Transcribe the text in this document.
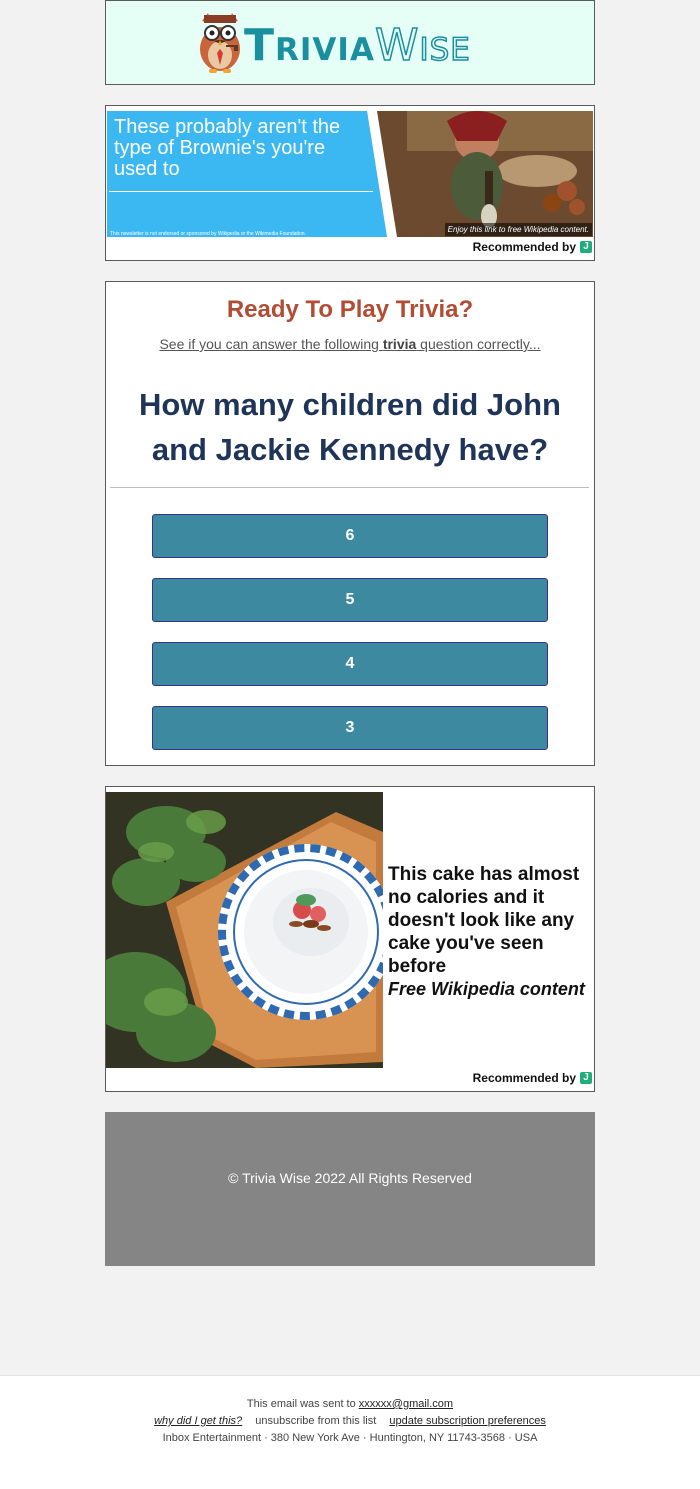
TriviaWise
These probably aren't the type of Brownie's you're used to
This newsletter is not endorsed or sponsored by Wikipedia or the Wikimedia Foundation.	Enjoy this link to free Wikipedia content.
Recommended by J
Ready To Play Trivia?
See if you can answer the following trivia question correctly...
How many children did John and Jackie Kennedy have?
6
5
4
3
This cake has almost no calories and it doesn't look like any cake you've seen before
Free Wikipedia content
Recommended by J
© Trivia Wise 2022 All Rights Reserved
This email was sent to xxxxxx@gmail.com
why did I get this? unsubscribe from this list update subscription preferences
Inbox Entertainment · 380 New York Ave · Huntington, NY 11743-3568 · USA
